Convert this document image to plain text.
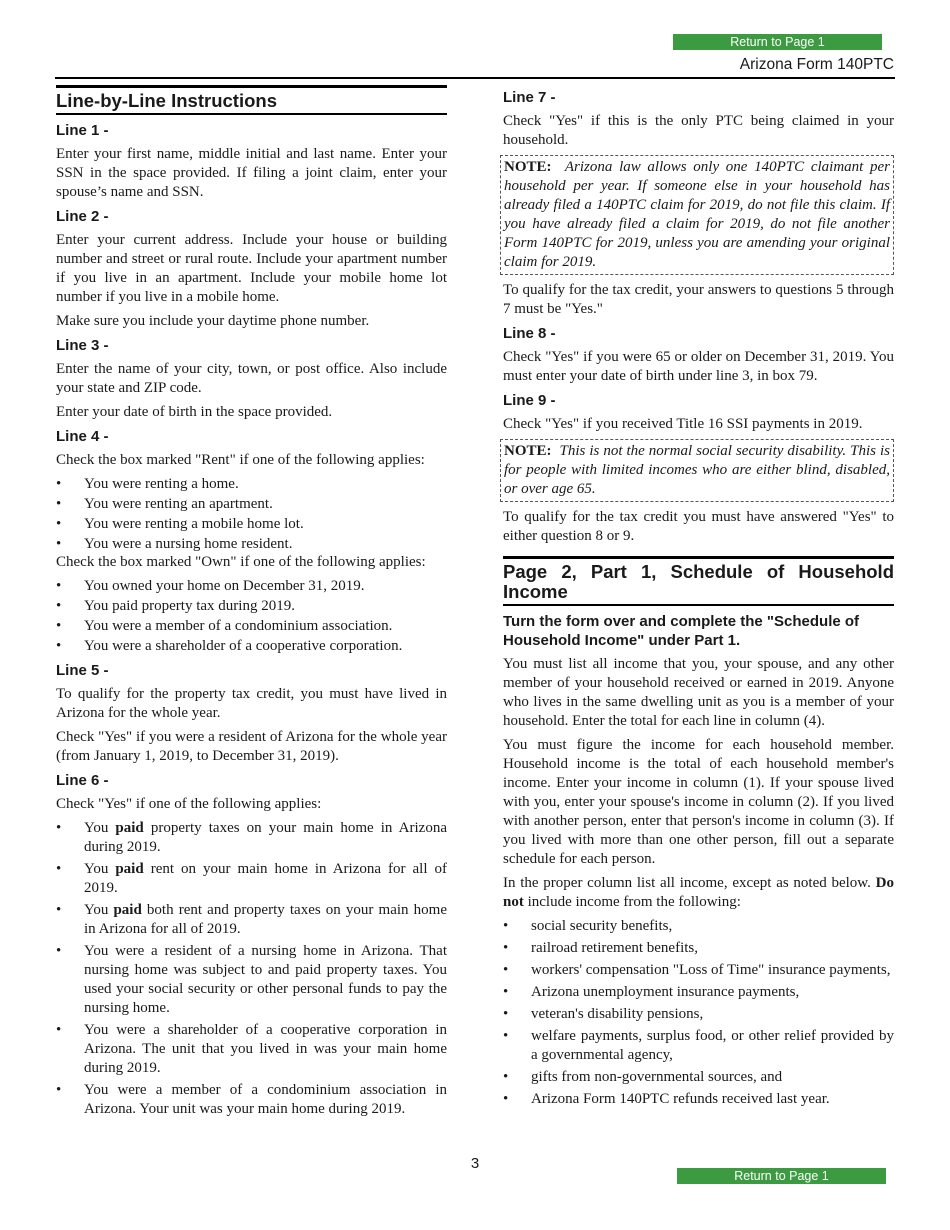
Return to Page 1
Arizona Form 140PTC
Line-by-Line Instructions
Line 1 -

Enter your first name, middle initial and last name. Enter your SSN in the space provided. If filing a joint claim, enter your spouse’s name and SSN.

Line 2 -

Enter your current address. Include your house or building number and street or rural route. Include your apartment number if you live in an apartment. Include your mobile home lot number if you live in a mobile home.

Make sure you include your daytime phone number.

Line 3 -

Enter the name of your city, town, or post office. Also include your state and ZIP code.

Enter your date of birth in the space provided.

Line 4 -

Check the box marked "Rent" if one of the following applies:

• You were renting a home.
• You were renting an apartment.
• You were renting a mobile home lot.
• You were a nursing home resident.

Check the box marked "Own" if one of the following applies:

• You owned your home on December 31, 2019.
• You paid property tax during 2019.
• You were a member of a condominium association.
• You were a shareholder of a cooperative corporation.
Line 5 -

To qualify for the property tax credit, you must have lived in Arizona for the whole year.

Check "Yes" if you were a resident of Arizona for the whole year (from January 1, 2019, to December 31, 2019).

Line 6 -

Check "Yes" if one of the following applies:

• You paid property taxes on your main home in Arizona during 2019.
• You paid rent on your main home in Arizona for all of 2019.
• You paid both rent and property taxes on your main home in Arizona for all of 2019.
• You were a resident of a nursing home in Arizona. That nursing home was subject to and paid property taxes. You used your social security or other personal funds to pay the nursing home.
• You were a shareholder of a cooperative corporation in Arizona. The unit that you lived in was your main home during 2019.
• You were a member of a condominium association in Arizona. Your unit was your main home during 2019.
Line 7 -

Check "Yes" if this is the only PTC being claimed in your household.

NOTE: Arizona law allows only one 140PTC claimant per household per year. If someone else in your household has already filed a 140PTC claim for 2019, do not file this claim. If you have already filed a claim for 2019, do not file another Form 140PTC for 2019, unless you are amending your original claim for 2019.

To qualify for the tax credit, your answers to questions 5 through 7 must be "Yes."

Line 8 -

Check "Yes" if you were 65 or older on December 31, 2019. You must enter your date of birth under line 3, in box 79.

Line 9 -

Check "Yes" if you received Title 16 SSI payments in 2019.

NOTE: This is not the normal social security disability. This is for people with limited incomes who are either blind, disabled, or over age 65.

To qualify for the tax credit you must have answered "Yes" to either question 8 or 9.

Page 2, Part 1, Schedule of Household Income
Turn the form over and complete the "Schedule of Household Income" under Part 1.

You must list all income that you, your spouse, and any other member of your household received or earned in 2019. Anyone who lives in the same dwelling unit as you is a member of your household. Enter the total for each line in column (4).

You must figure the income for each household member. Household income is the total of each household member's income. Enter your income in column (1). If your spouse lived with you, enter your spouse's income in column (2). If you lived with another person, enter that person's income in column (3). If you lived with more than one other person, fill out a separate schedule for each person.

In the proper column list all income, except as noted below. Do not include income from the following:

• social security benefits,
• railroad retirement benefits,
• workers' compensation "Loss of Time" insurance payments,
• Arizona unemployment insurance payments,
• veteran's disability pensions,
• welfare payments, surplus food, or other relief provided by a governmental agency,
• gifts from non-governmental sources, and
• Arizona Form 140PTC refunds received last year.
3
Return to Page 1
